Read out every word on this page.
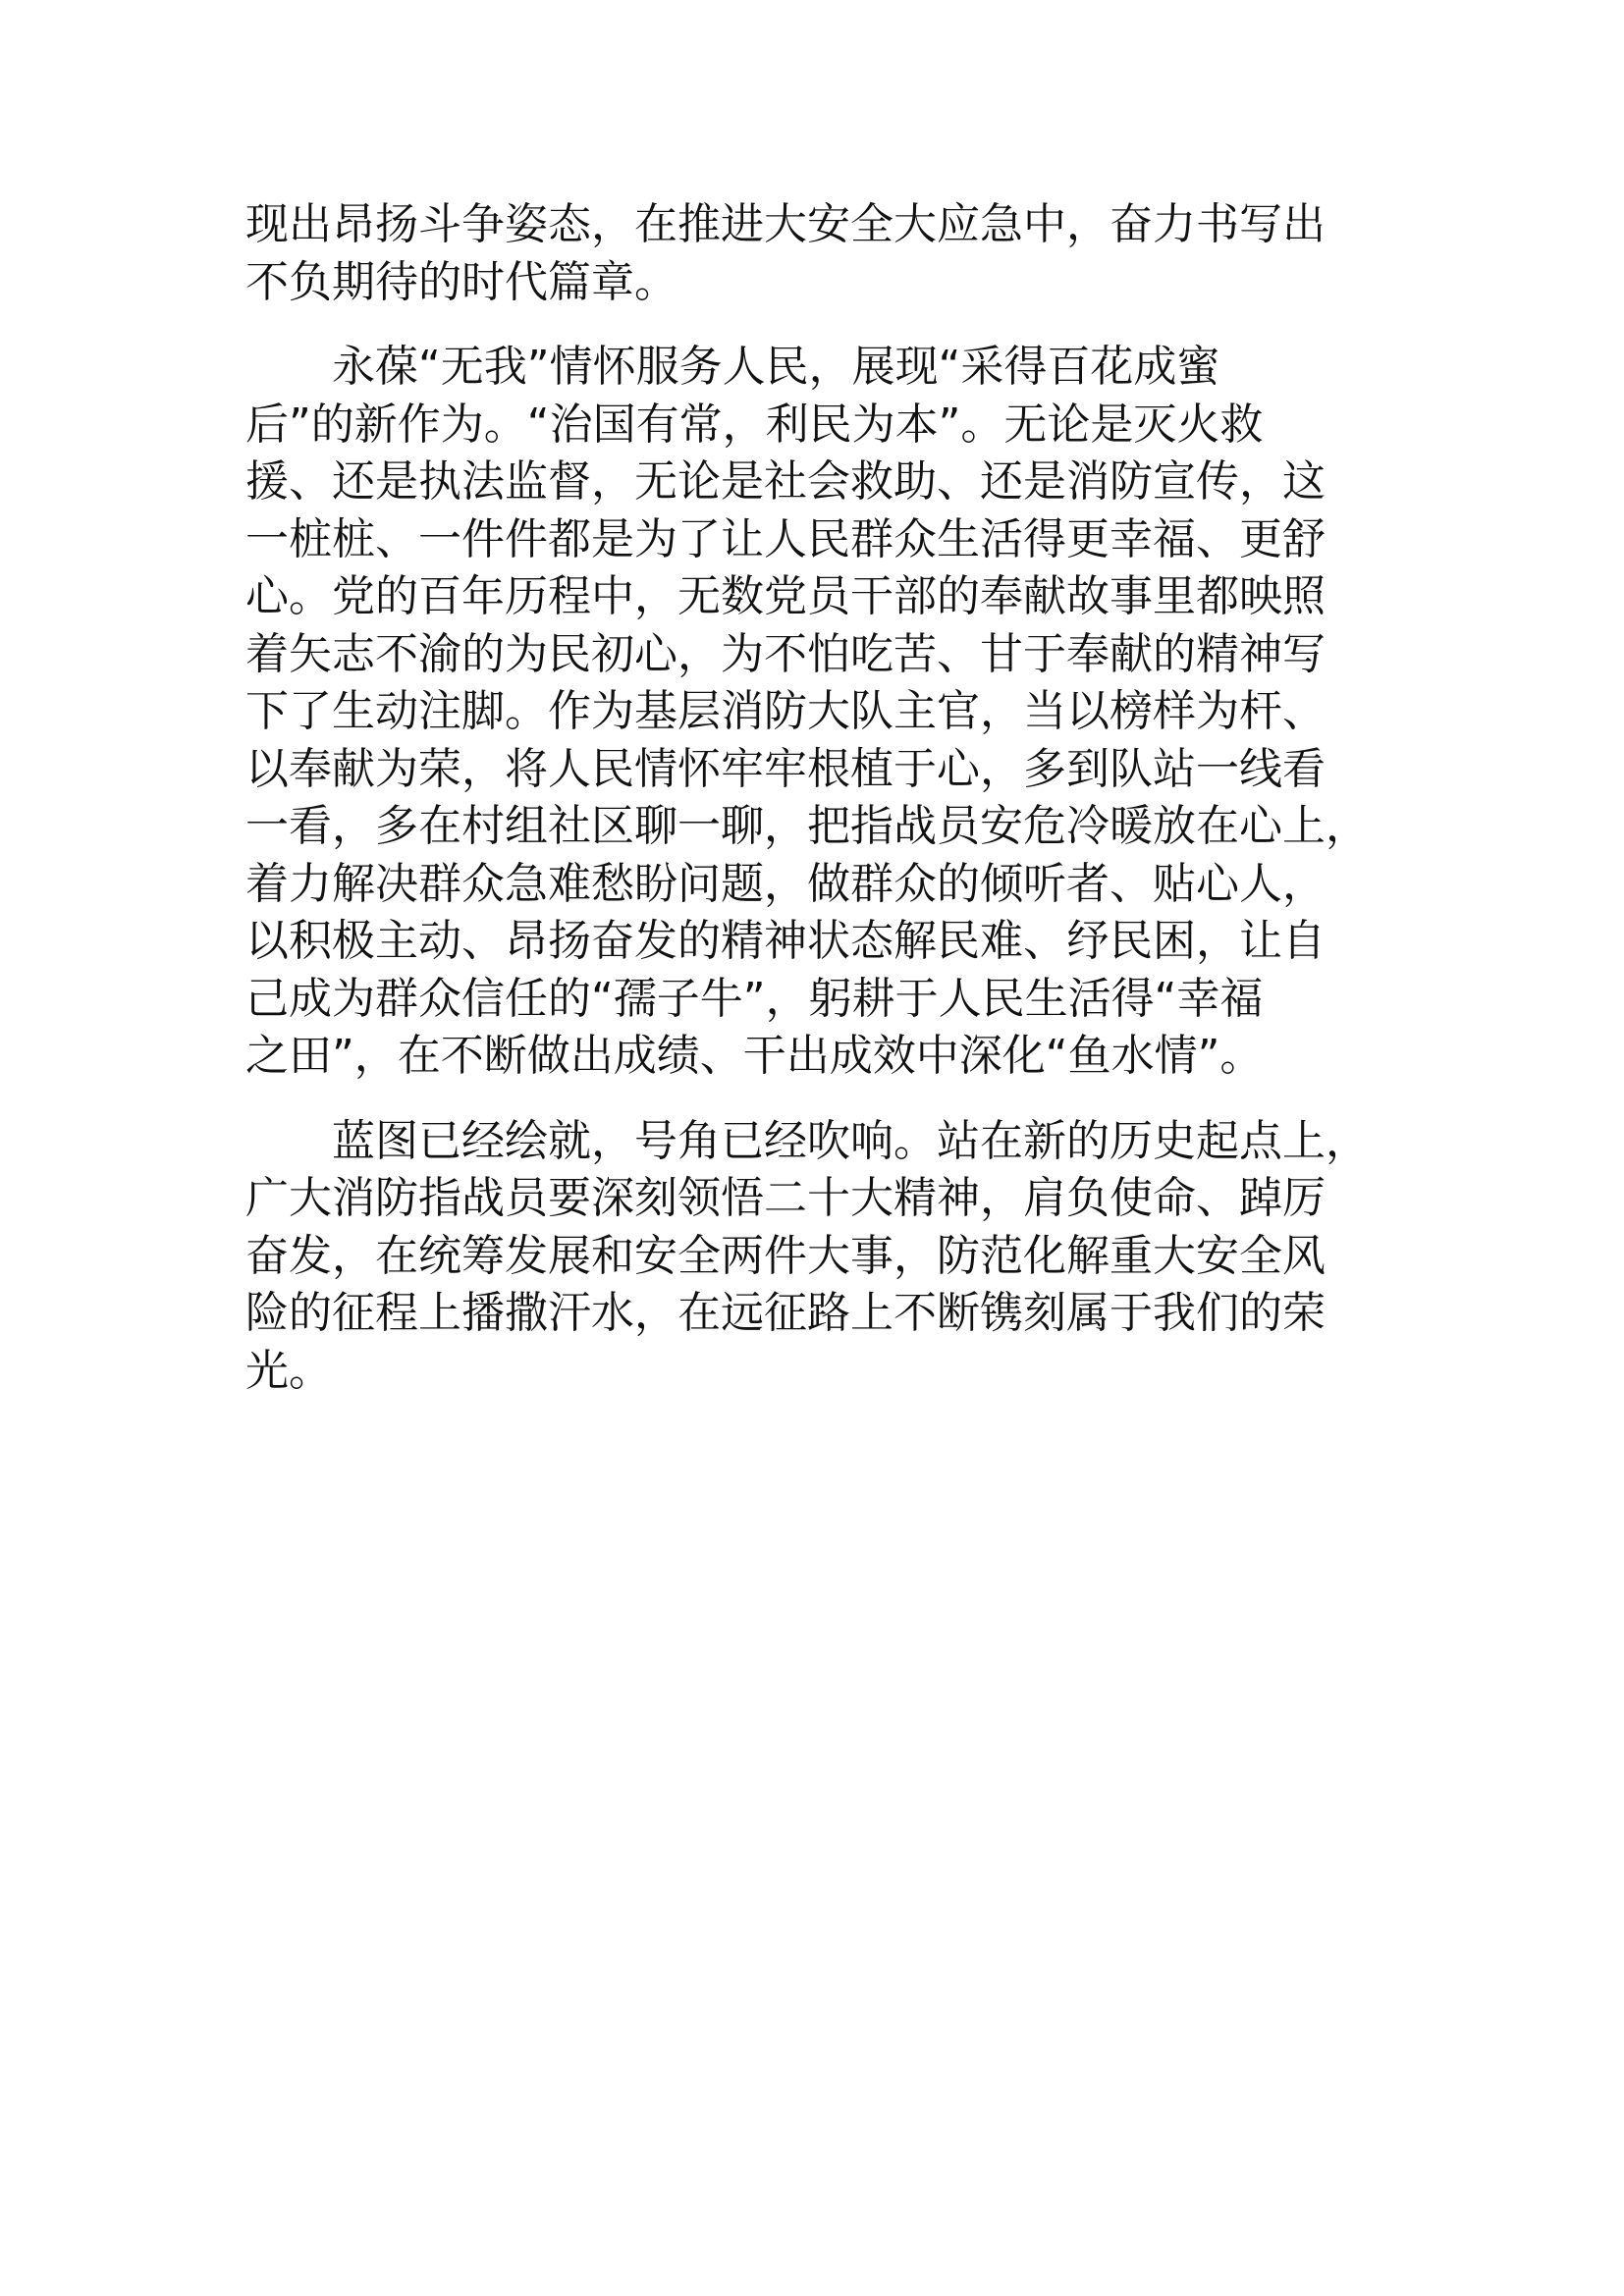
现出昂扬斗争姿态，在推进大安全大应急中，奋力书写出
不负期待的时代篇章。

永葆“无我”情怀服务人民，展现“采得百花成蜜
后”的新作为。“治国有常，利民为本”。无论是灭火救
援、还是执法监督，无论是社会救助、还是消防宣传，这
一桩桩、一件件都是为了让人民群众生活得更幸福、更舒
心。党的百年历程中，无数党员干部的奉献故事里都映照
着矢志不渝的为民初心，为不怕吃苦、甘于奉献的精神写
下了生动注脚。作为基层消防大队主官，当以榜样为杆、
以奉献为荣，将人民情怀牢牢根植于心，多到队站一线看
一看，多在村组社区聊一聊，把指战员安危冷暖放在心上，
着力解决群众急难愁盼问题，做群众的倾听者、贴心人，
以积极主动、昂扬奋发的精神状态解民难、纾民困，让自
己成为群众信任的“孺子牛”，躬耕于人民生活得“幸福
之田”，在不断做出成绩、干出成效中深化“鱼水情”。

蓝图已经绘就，号角已经吹响。站在新的历史起点上，
广大消防指战员要深刻领悟二十大精神，肩负使命、踔厉
奋发，在统筹发展和安全两件大事，防范化解重大安全风
险的征程上播撒汗水，在远征路上不断镌刻属于我们的荣
光。
